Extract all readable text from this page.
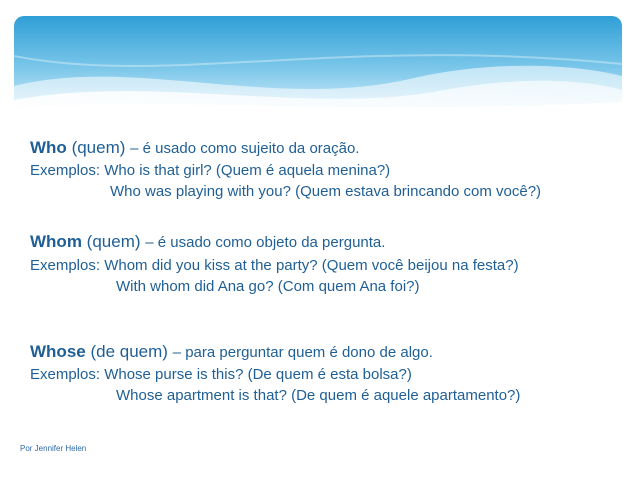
Who (quem) – é usado como sujeito da oração.
Exemplos: Who is that girl? (Quem é aquela menina?)
Who was playing with you? (Quem estava brincando com você?)
Whom (quem) – é usado como objeto da pergunta.
Exemplos: Whom did you kiss at the party? (Quem você beijou na festa?)
With whom did Ana go? (Com quem Ana foi?)
Whose (de quem) – para perguntar quem é dono de algo.
Exemplos: Whose purse is this? (De quem é esta bolsa?)
Whose apartment is that? (De quem é aquele apartamento?)
Por Jennifer Helen
